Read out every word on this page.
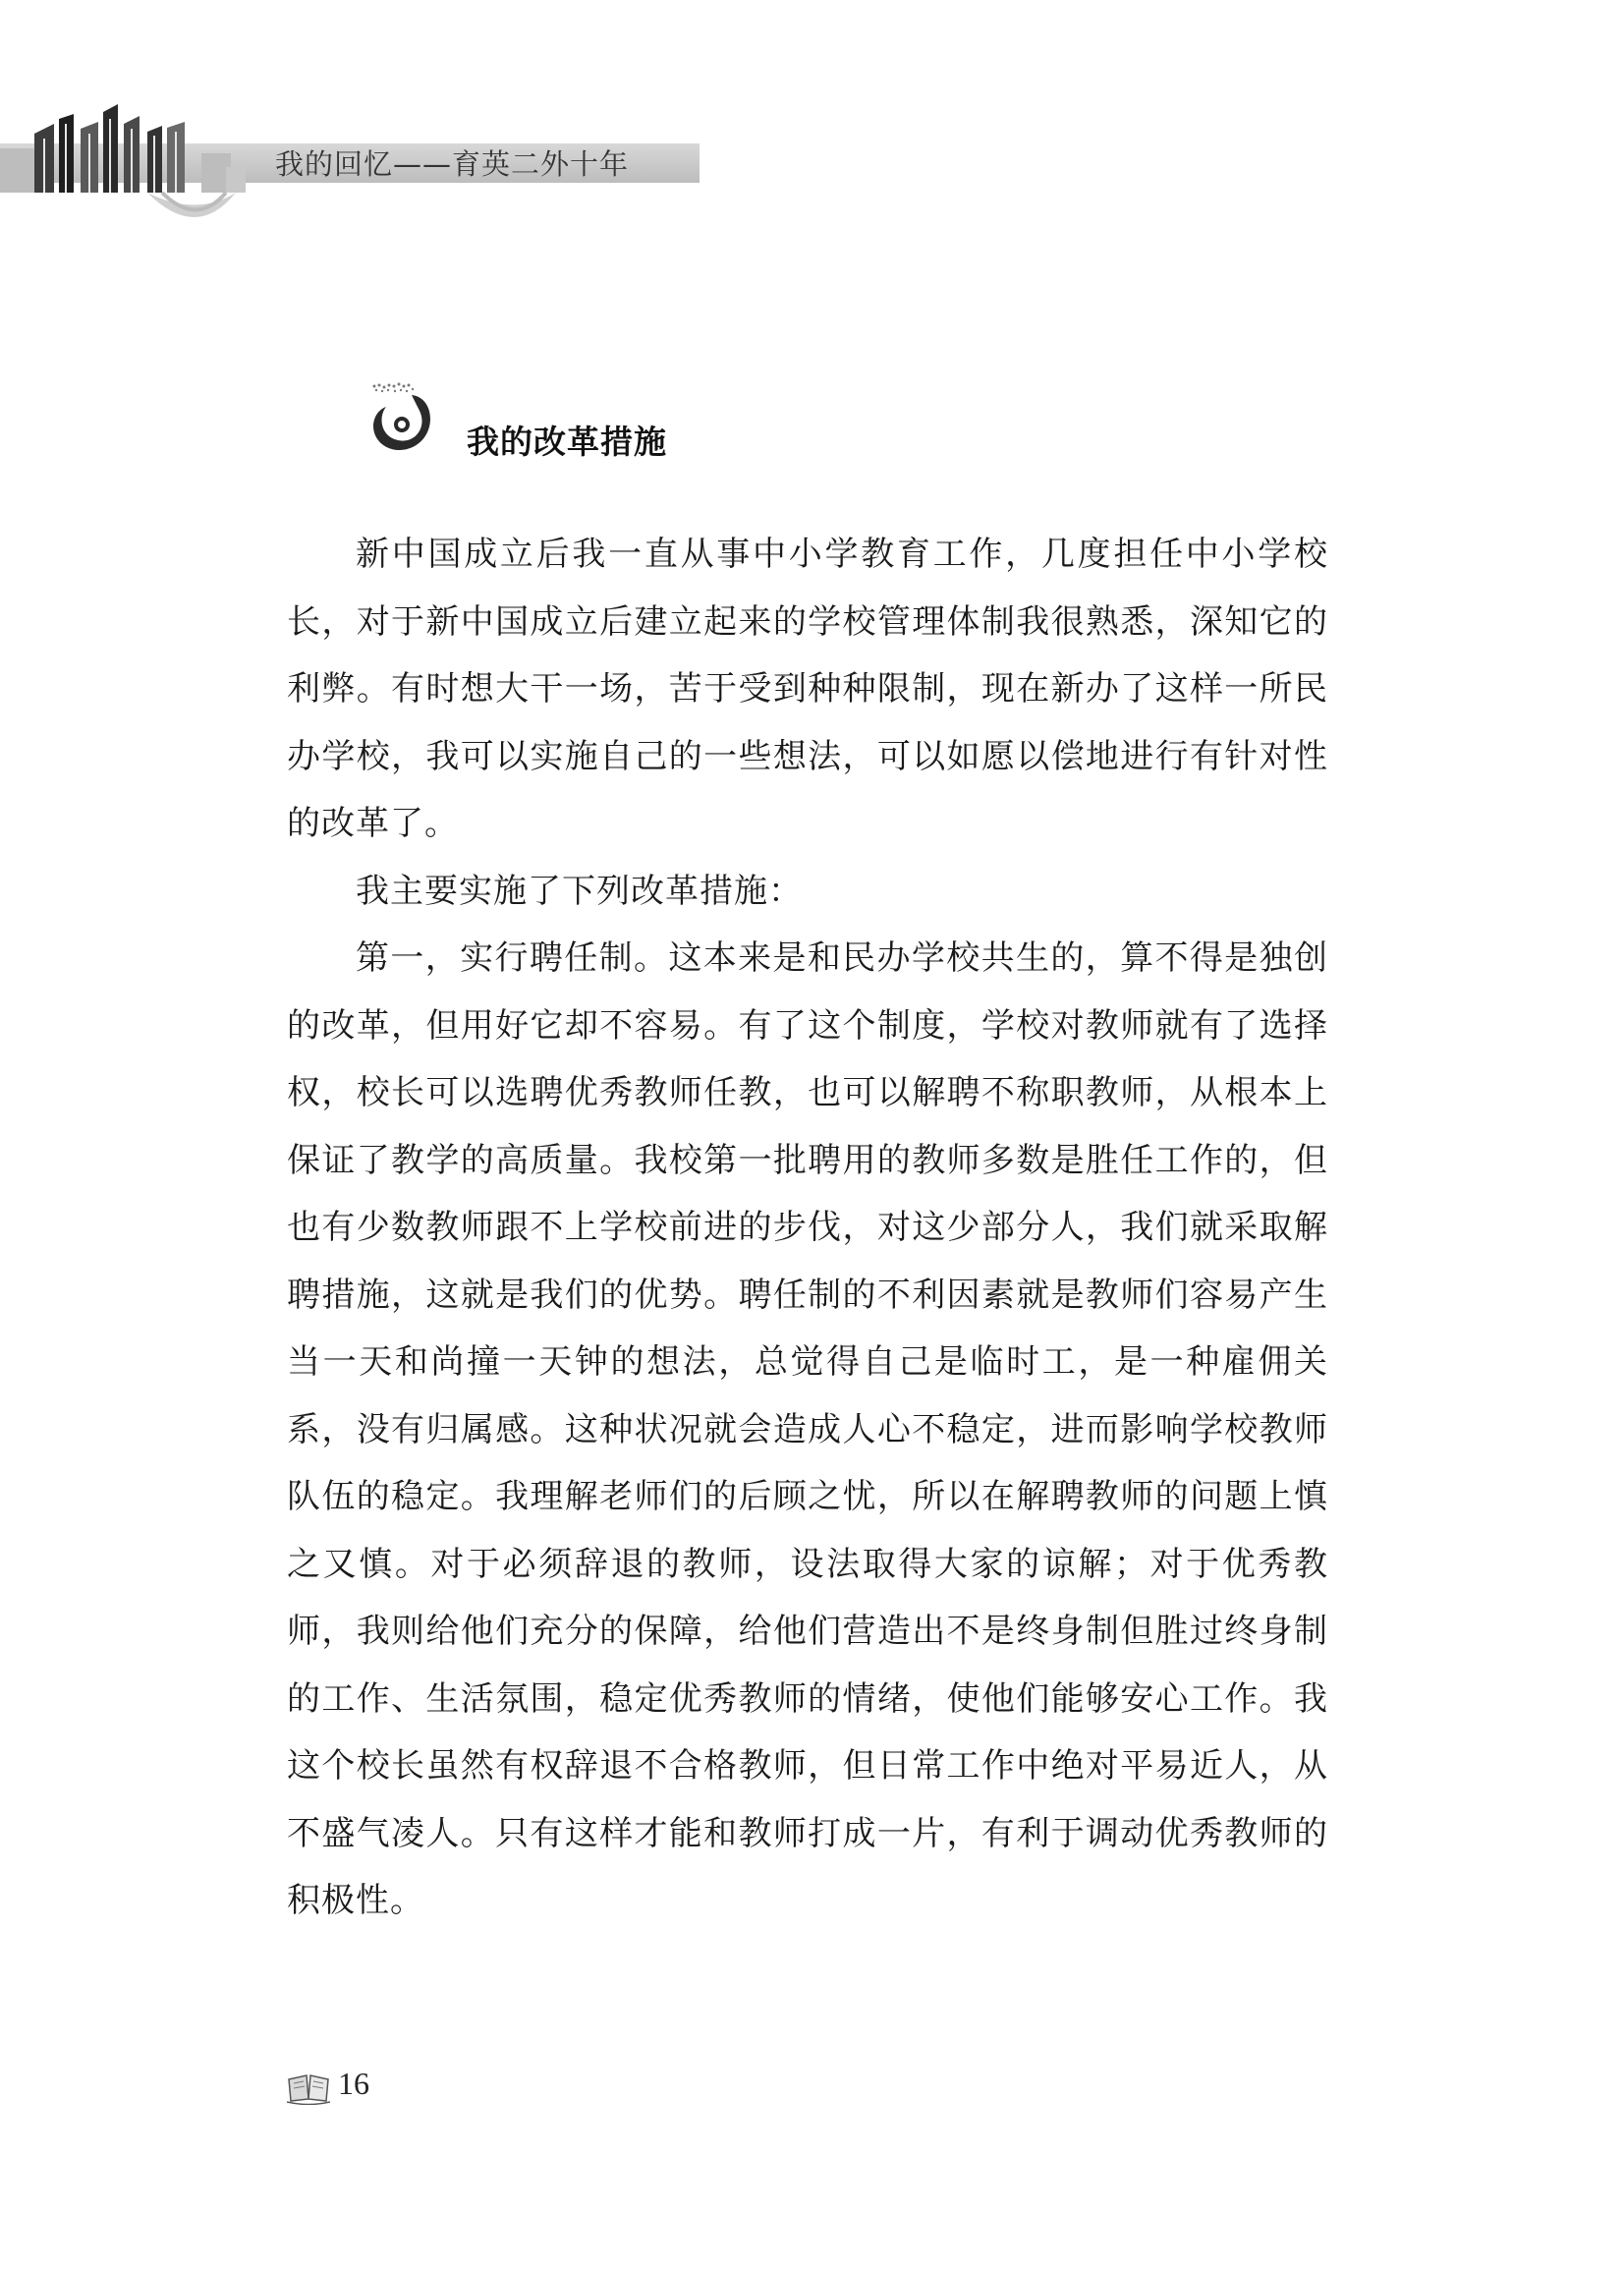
我的回忆——育英二外十年
我的改革措施

新中国成立后我一直从事中小学教育工作，几度担任中小学校长，对于新中国成立后建立起来的学校管理体制我很熟悉，深知它的利弊。有时想大干一场，苦于受到种种限制，现在新办了这样一所民办学校，我可以实施自己的一些想法，可以如愿以偿地进行有针对性的改革了。

我主要实施了下列改革措施：

第一，实行聘任制。这本来是和民办学校共生的，算不得是独创的改革，但用好它却不容易。有了这个制度，学校对教师就有了选择权，校长可以选聘优秀教师任教，也可以解聘不称职教师，从根本上保证了教学的高质量。我校第一批聘用的教师多数是胜任工作的，但也有少数教师跟不上学校前进的步伐，对这少部分人，我们就采取解聘措施，这就是我们的优势。聘任制的不利因素就是教师们容易产生当一天和尚撞一天钟的想法，总觉得自己是临时工，是一种雇佣关系，没有归属感。这种状况就会造成人心不稳定，进而影响学校教师队伍的稳定。我理解老师们的后顾之忧，所以在解聘教师的问题上慎之又慎。对于必须辞退的教师，设法取得大家的谅解；对于优秀教师，我则给他们充分的保障，给他们营造出不是终身制但胜过终身制的工作、生活氛围，稳定优秀教师的情绪，使他们能够安心工作。我这个校长虽然有权辞退不合格教师，但日常工作中绝对平易近人，从不盛气凌人。只有这样才能和教师打成一片，有利于调动优秀教师的积极性。

16
